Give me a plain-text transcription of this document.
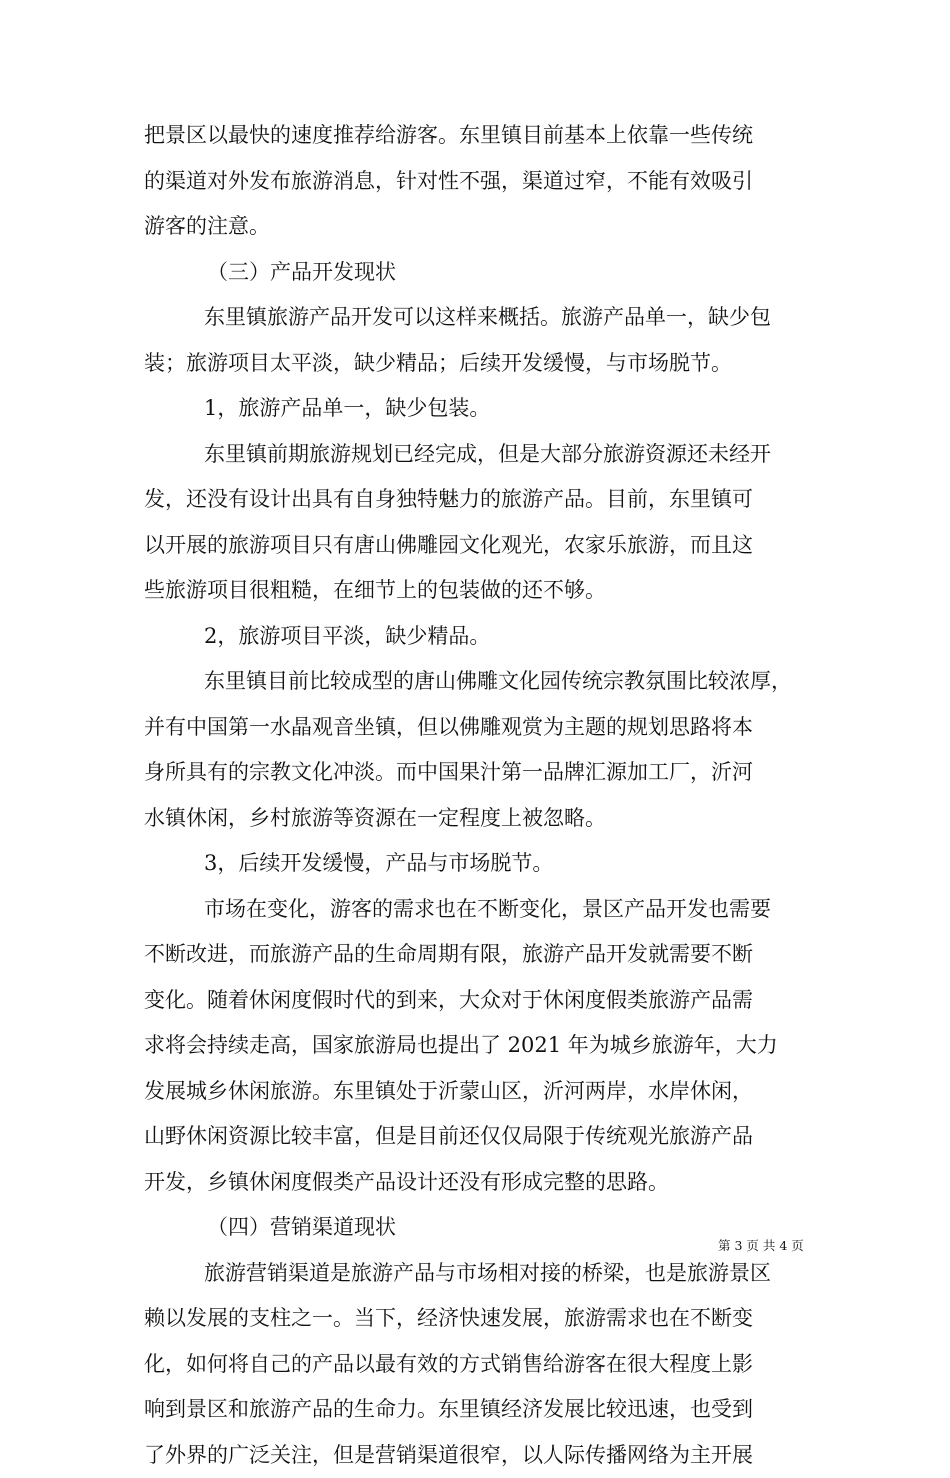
把景区以最快的速度推荐给游客。东里镇目前基本上依靠一些传统
的渠道对外发布旅游消息，针对性不强，渠道过窄，不能有效吸引
游客的注意。
（三）产品开发现状
东里镇旅游产品开发可以这样来概括。旅游产品单一，缺少包
装；旅游项目太平淡，缺少精品；后续开发缓慢，与市场脱节。
1，旅游产品单一，缺少包装。
东里镇前期旅游规划已经完成，但是大部分旅游资源还未经开
发，还没有设计出具有自身独特魅力的旅游产品。目前，东里镇可
以开展的旅游项目只有唐山佛雕园文化观光，农家乐旅游，而且这
些旅游项目很粗糙，在细节上的包装做的还不够。
2，旅游项目平淡，缺少精品。
东里镇目前比较成型的唐山佛雕文化园传统宗教氛围比较浓厚，
并有中国第一水晶观音坐镇，但以佛雕观赏为主题的规划思路将本
身所具有的宗教文化冲淡。而中国果汁第一品牌汇源加工厂，沂河
水镇休闲，乡村旅游等资源在一定程度上被忽略。
3，后续开发缓慢，产品与市场脱节。
市场在变化，游客的需求也在不断变化，景区产品开发也需要
不断改进，而旅游产品的生命周期有限，旅游产品开发就需要不断
变化。随着休闲度假时代的到来，大众对于休闲度假类旅游产品需
求将会持续走高，国家旅游局也提出了 2021 年为城乡旅游年，大力
发展城乡休闲旅游。东里镇处于沂蒙山区，沂河两岸，水岸休闲，
山野休闲资源比较丰富，但是目前还仅仅局限于传统观光旅游产品
开发，乡镇休闲度假类产品设计还没有形成完整的思路。
（四）营销渠道现状
旅游营销渠道是旅游产品与市场相对接的桥梁，也是旅游景区
赖以发展的支柱之一。当下，经济快速发展，旅游需求也在不断变
化，如何将自己的产品以最有效的方式销售给游客在很大程度上影
响到景区和旅游产品的生命力。东里镇经济发展比较迅速，也受到
了外界的广泛关注，但是营销渠道很窄，以人际传播网络为主开展
第 3 页 共 4 页
